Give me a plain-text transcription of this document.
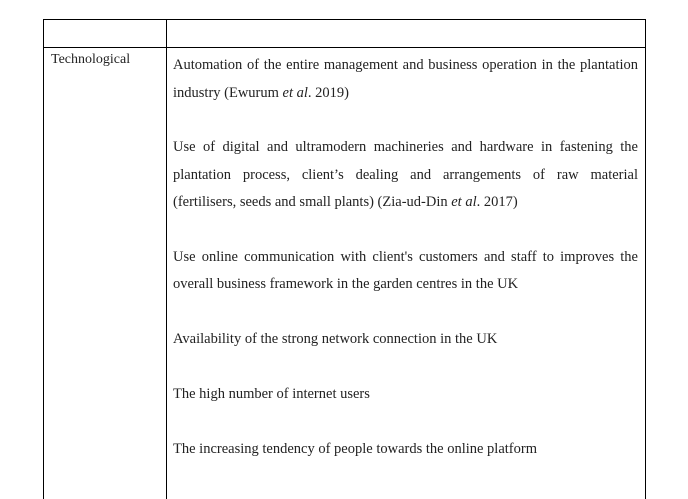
Technological	Automation of the entire management and business operation in the plantation industry (Ewurum et al. 2019)

Use of digital and ultramodern machineries and hardware in fastening the plantation process, client’s dealing and arrangements of raw material (fertilisers, seeds and small plants) (Zia-ud-Din et al. 2017)

Use online communication with client's customers and staff to improves the overall business framework in the garden centres in the UK

Availability of the strong network connection in the UK

The high number of internet users

The increasing tendency of people towards the online platform
